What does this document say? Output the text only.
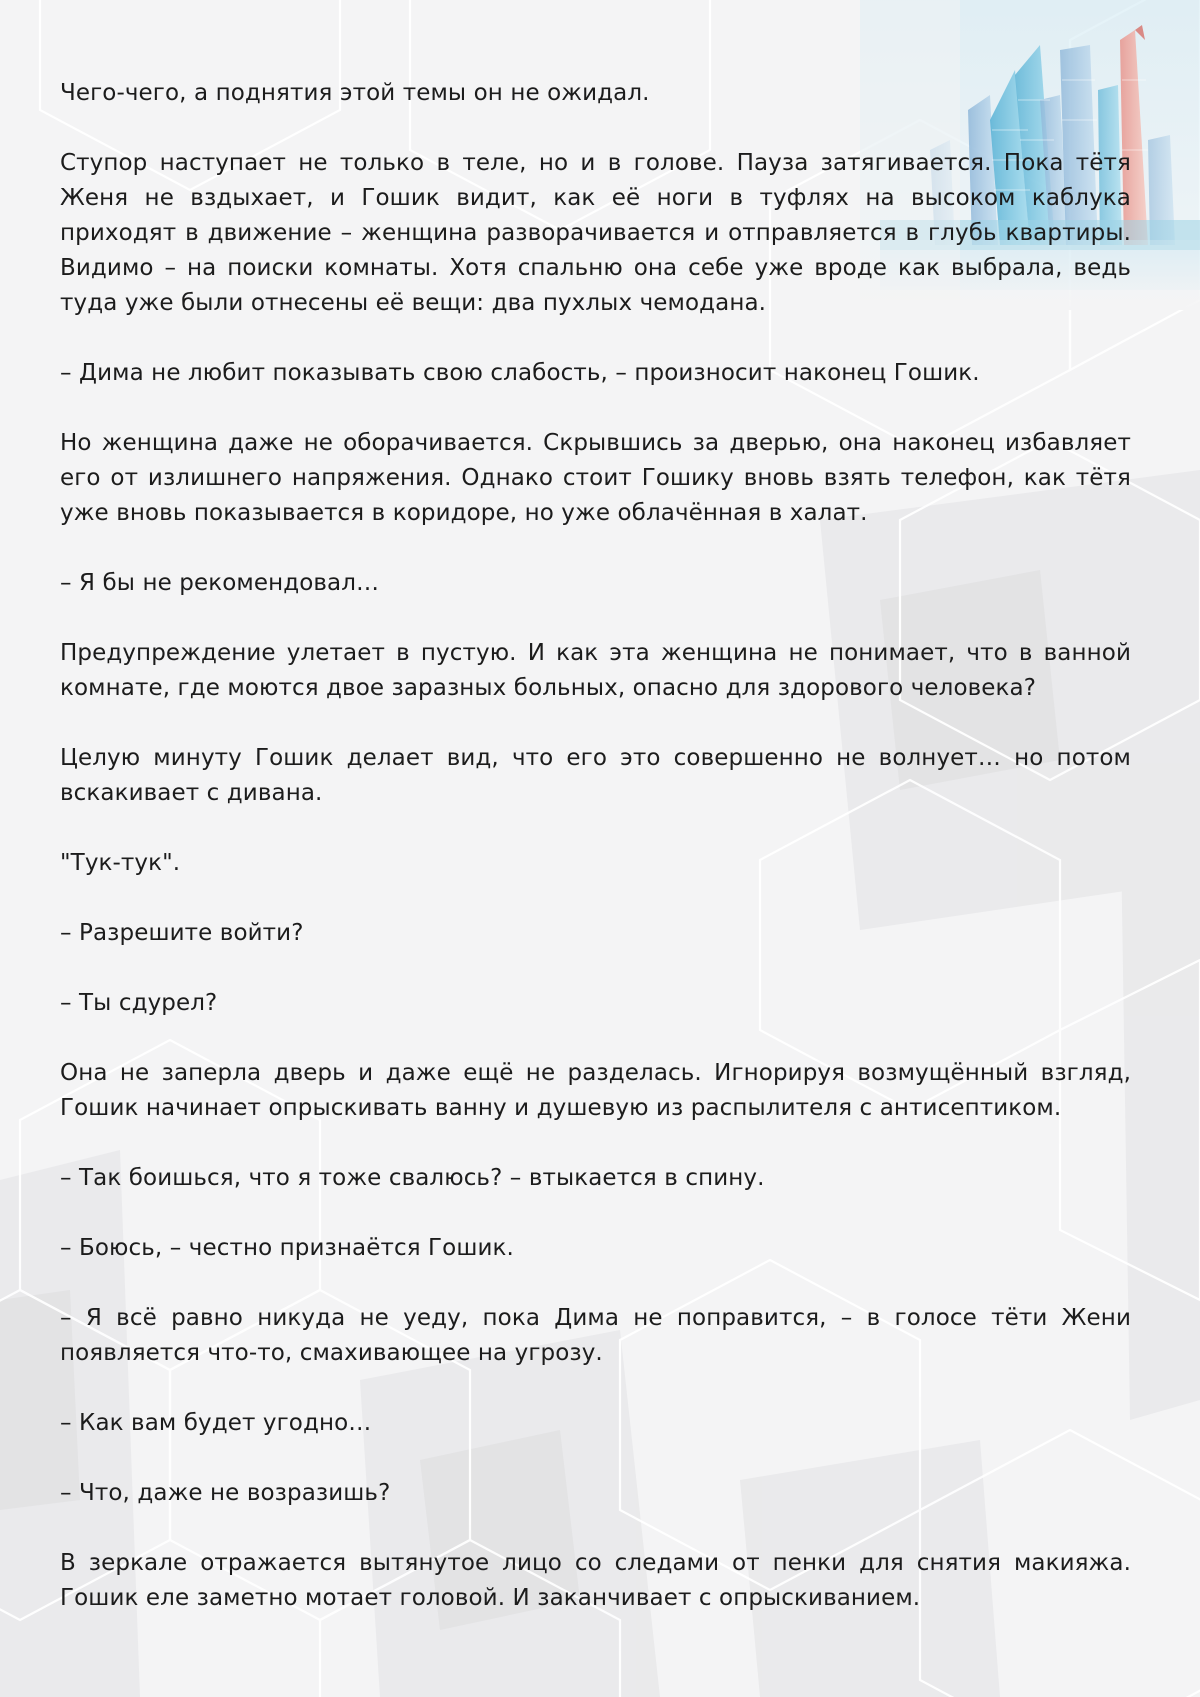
Чего-чего, а поднятия этой темы он не ожидал.

Ступор наступает не только в теле, но и в голове. Пауза затягивается. Пока тётя Женя не вздыхает, и Гошик видит, как её ноги в туфлях на высоком каблука приходят в движение – женщина разворачивается и отправляется в глубь квартиры. Видимо – на поиски комнаты. Хотя спальню она себе уже вроде как выбрала, ведь туда уже были отнесены её вещи: два пухлых чемодана.

– Дима не любит показывать свою слабость, – произносит наконец Гошик.

Но женщина даже не оборачивается. Скрывшись за дверью, она наконец избавляет его от излишнего напряжения. Однако стоит Гошику вновь взять телефон, как тётя уже вновь показывается в коридоре, но уже облачённая в халат.

– Я бы не рекомендовал…

Предупреждение улетает в пустую. И как эта женщина не понимает, что в ванной комнате, где моются двое заразных больных, опасно для здорового человека?

Целую минуту Гошик делает вид, что его это совершенно не волнует… но потом вскакивает с дивана.

"Тук-тук".

– Разрешите войти?

– Ты сдурел?

Она не заперла дверь и даже ещё не разделась. Игнорируя возмущённый взгляд, Гошик начинает опрыскивать ванну и душевую из распылителя с антисептиком.

– Так боишься, что я тоже свалюсь? – втыкается в спину.

– Боюсь, – честно признаётся Гошик.

– Я всё равно никуда не уеду, пока Дима не поправится, – в голосе тёти Жени появляется что-то, смахивающее на угрозу.

– Как вам будет угодно…

– Что, даже не возразишь?

В зеркале отражается вытянутое лицо со следами от пенки для снятия макияжа. Гошик еле заметно мотает головой. И заканчивает с опрыскиванием.
